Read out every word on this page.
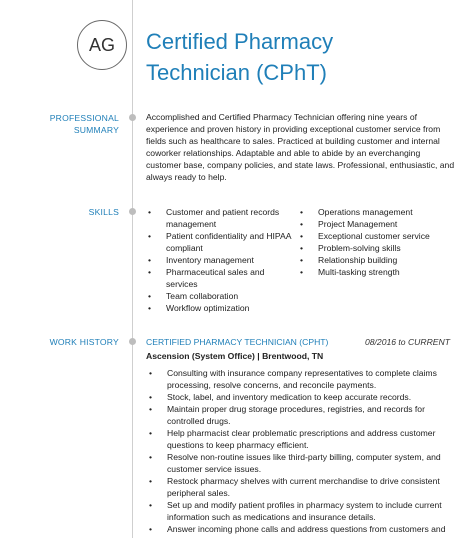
AG Certified Pharmacy
Technician (CPhT)
PROFESSIONAL
SUMMARY

Accomplished and Certified Pharmacy Technician offering nine years of
experience and proven history in providing exceptional customer service from
fields such as healthcare to sales. Practiced at building customer and internal
coworker relationships. Adaptable and able to abide by an everchanging
customer base, company policies, and state laws. Professional, enthusiastic, and
always ready to help.

SKILLS
•	Customer and patient records
management
• Patient confidentiality and HIPAA
compliant
• Inventory management
• Pharmaceutical sales and
services
• Team collaboration
• Workflow optimization
• Operations management
• Project Management
• Exceptional customer service
• Problem-solving skills
• Relationship building
• Multi-tasking strength
WORK HISTORY	CERTIFIED PHARMACY TECHNICIAN (CPHT)	08/2016 to CURRENT
Ascension (System Office) | Brentwood, TN
• Consulting with insurance company representatives to complete claims
processing, resolve concerns, and reconcile payments.
• Stock, label, and inventory medication to keep accurate records.
• Maintain proper drug storage procedures, registries, and records for
controlled drugs.
• Help pharmacist clear problematic prescriptions and address customer
questions to keep pharmacy efficient.
• Resolve non-routine issues like third-party billing, computer system, and
customer service issues.
• Restock pharmacy shelves with current merchandise to drive consistent
peripheral sales.
• Set up and modify patient profiles in pharmacy system to include current
information such as medications and insurance details.
• Answer incoming phone calls and address questions from customers and
